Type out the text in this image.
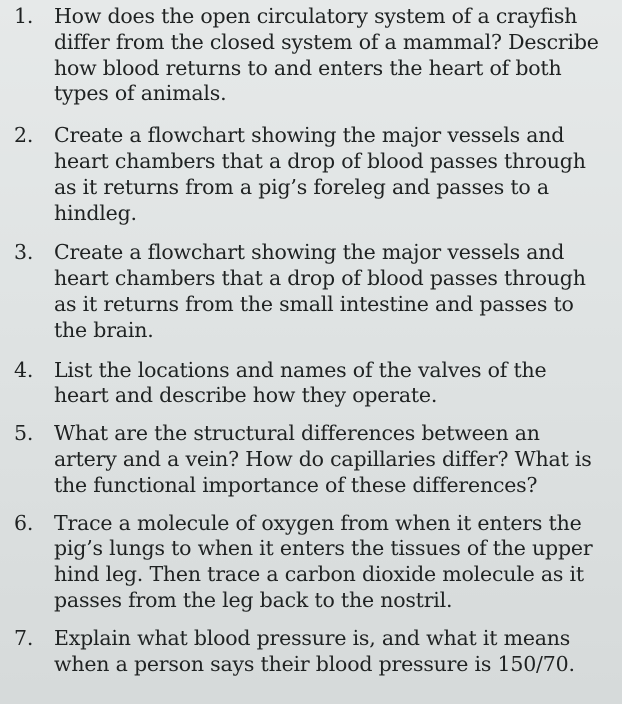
1. How does the open circulatory system of a crayfish differ from the closed system of a mammal? Describe how blood returns to and enters the heart of both types of animals.
2. Create a flowchart showing the major vessels and heart chambers that a drop of blood passes through as it returns from a pig’s foreleg and passes to a hindleg.
3. Create a flowchart showing the major vessels and heart chambers that a drop of blood passes through as it returns from the small intestine and passes to the brain.
4. List the locations and names of the valves of the heart and describe how they operate.
5. What are the structural differences between an artery and a vein? How do capillaries differ? What is the functional importance of these differences?
6. Trace a molecule of oxygen from when it enters the pig’s lungs to when it enters the tissues of the upper hind leg. Then trace a carbon dioxide molecule as it passes from the leg back to the nostril.
7. Explain what blood pressure is, and what it means when a person says their blood pressure is 150/70.
